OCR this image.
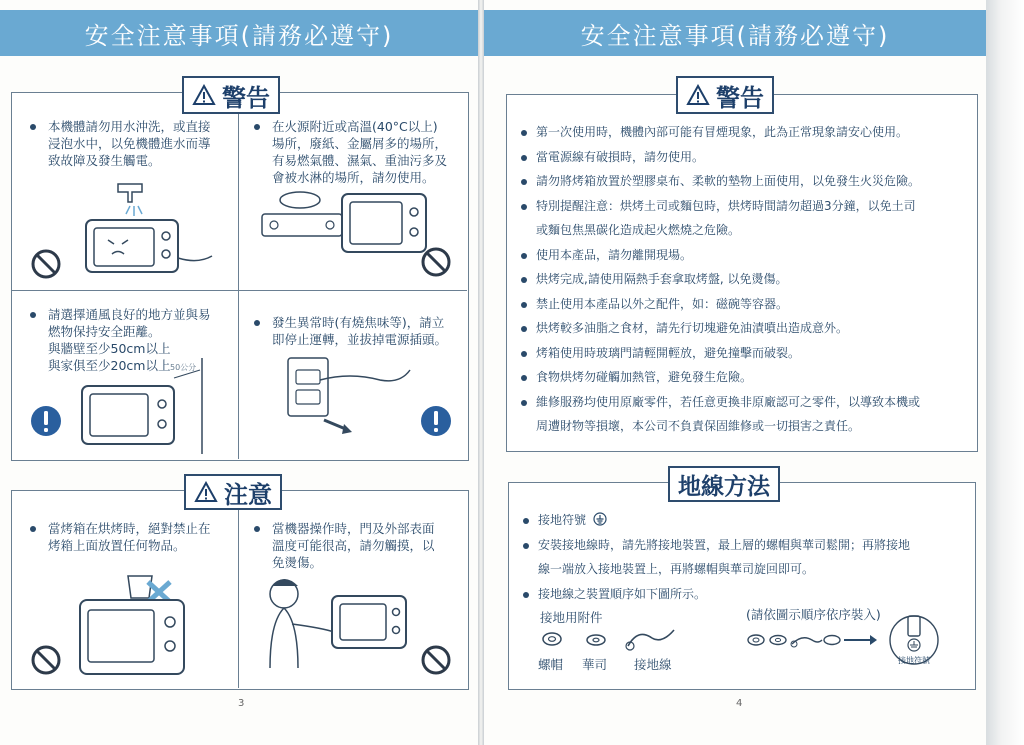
安全注意事項(請務必遵守)
警告
本機體請勿用水沖洗，或直接
浸泡水中，以免機體進水而導
致故障及發生觸電。
在火源附近或高溫(40°C以上)
場所，廢紙、金屬屑多的場所，
有易燃氣體、濕氣、重油污多及
會被水淋的場所，請勿使用。
請選擇通風良好的地方並與易
燃物保持安全距離。
與牆壁至少50cm以上
與家俱至少20cm以上
發生異常時(有燒焦味等)，請立
即停止運轉，並拔掉電源插頭。
50公分
注意
當烤箱在烘烤時，絕對禁止在
烤箱上面放置任何物品。
當機器操作時，門及外部表面
溫度可能很高，請勿觸摸，以
免燙傷。
3
安全注意事項(請務必遵守)
警告
第一次使用時，機體內部可能有冒煙現象，此為正常現象請安心使用。
當電源線有破損時，請勿使用。
請勿將烤箱放置於塑膠桌布、柔軟的墊物上面使用，以免發生火災危險。
特別提醒注意：烘烤土司或麵包時，烘烤時間請勿超過3分鐘，以免土司
或麵包焦黑碳化造成起火燃燒之危險。
使用本產品，請勿離開現場。
烘烤完成,請使用隔熱手套拿取烤盤, 以免燙傷。
禁止使用本產品以外之配件，如：磁碗等容器。
烘烤較多油脂之食材，請先行切塊避免油漬噴出造成意外。
烤箱使用時玻璃門請輕開輕放，避免撞擊而破裂。
食物烘烤勿碰觸加熱管，避免發生危險。
維修服務均使用原廠零件，若任意更換非原廠認可之零件，以導致本機或
周遭財物等損壞，本公司不負責保固維修或一切損害之責任。
地線方法
接地符號
安裝接地線時，請先將接地裝置，最上層的螺帽與華司鬆開；再將接地
線一端放入接地裝置上，再將螺帽與華司旋回即可。
接地線之裝置順序如下圖所示。
接地用附件	(請依圖示順序依序裝入)
螺帽 華司 接地線	接地符號
4
